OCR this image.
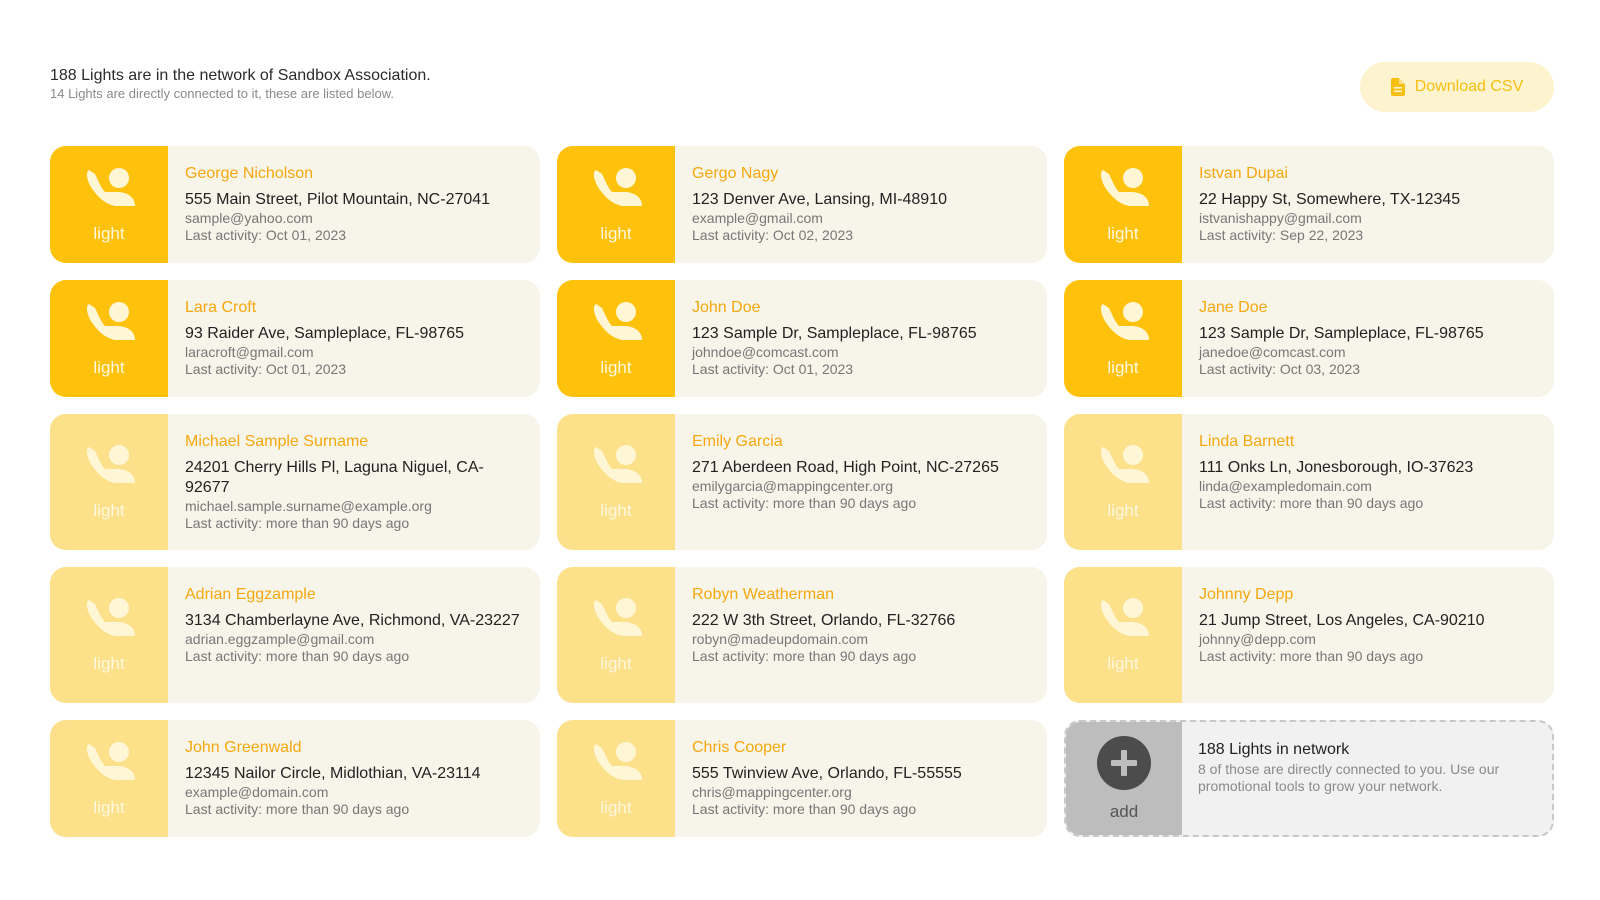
188 Lights are in the network of Sandbox Association.
14 Lights are directly connected to it, these are listed below.	Download CSV
light
George Nicholson
555 Main Street, Pilot Mountain, NC-27041
sample@yahoo.com
Last activity: Oct 01, 2023	light
Gergo Nagy
123 Denver Ave, Lansing, MI-48910
example@gmail.com
Last activity: Oct 02, 2023	light
Istvan Dupai
22 Happy St, Somewhere, TX-12345
istvanishappy@gmail.com
Last activity: Sep 22, 2023
light
Lara Croft
93 Raider Ave, Sampleplace, FL-98765
laracroft@gmail.com
Last activity: Oct 01, 2023	light
John Doe
123 Sample Dr, Sampleplace, FL-98765
johndoe@comcast.com
Last activity: Oct 01, 2023	light
Jane Doe
123 Sample Dr, Sampleplace, FL-98765
janedoe@comcast.com
Last activity: Oct 03, 2023
light
Michael Sample Surname
24201 Cherry Hills Pl, Laguna Niguel, CA-92677
michael.sample.surname@example.org
Last activity: more than 90 days ago
light
Emily Garcia
271 Aberdeen Road, High Point, NC-27265
emilygarcia@mappingcenter.org
Last activity: more than 90 days ago	light
Linda Barnett
111 Onks Ln, Jonesborough, IO-37623
linda@exampledomain.com
Last activity: more than 90 days ago
light
Adrian Eggzample
3134 Chamberlayne Ave, Richmond, VA-23227
adrian.eggzample@gmail.com
Last activity: more than 90 days ago	light
Robyn Weatherman
222 W 3th Street, Orlando, FL-32766
robyn@madeupdomain.com
Last activity: more than 90 days ago	light
Johnny Depp
21 Jump Street, Los Angeles, CA-90210
johnny@depp.com
Last activity: more than 90 days ago
light
John Greenwald
12345 Nailor Circle, Midlothian, VA-23114
example@domain.com
Last activity: more than 90 days ago	light
Chris Cooper
555 Twinview Ave, Orlando, FL-55555
chris@mappingcenter.org
Last activity: more than 90 days ago	add
188 Lights in network
8 of those are directly connected to you. Use our promotional tools to grow your network.
